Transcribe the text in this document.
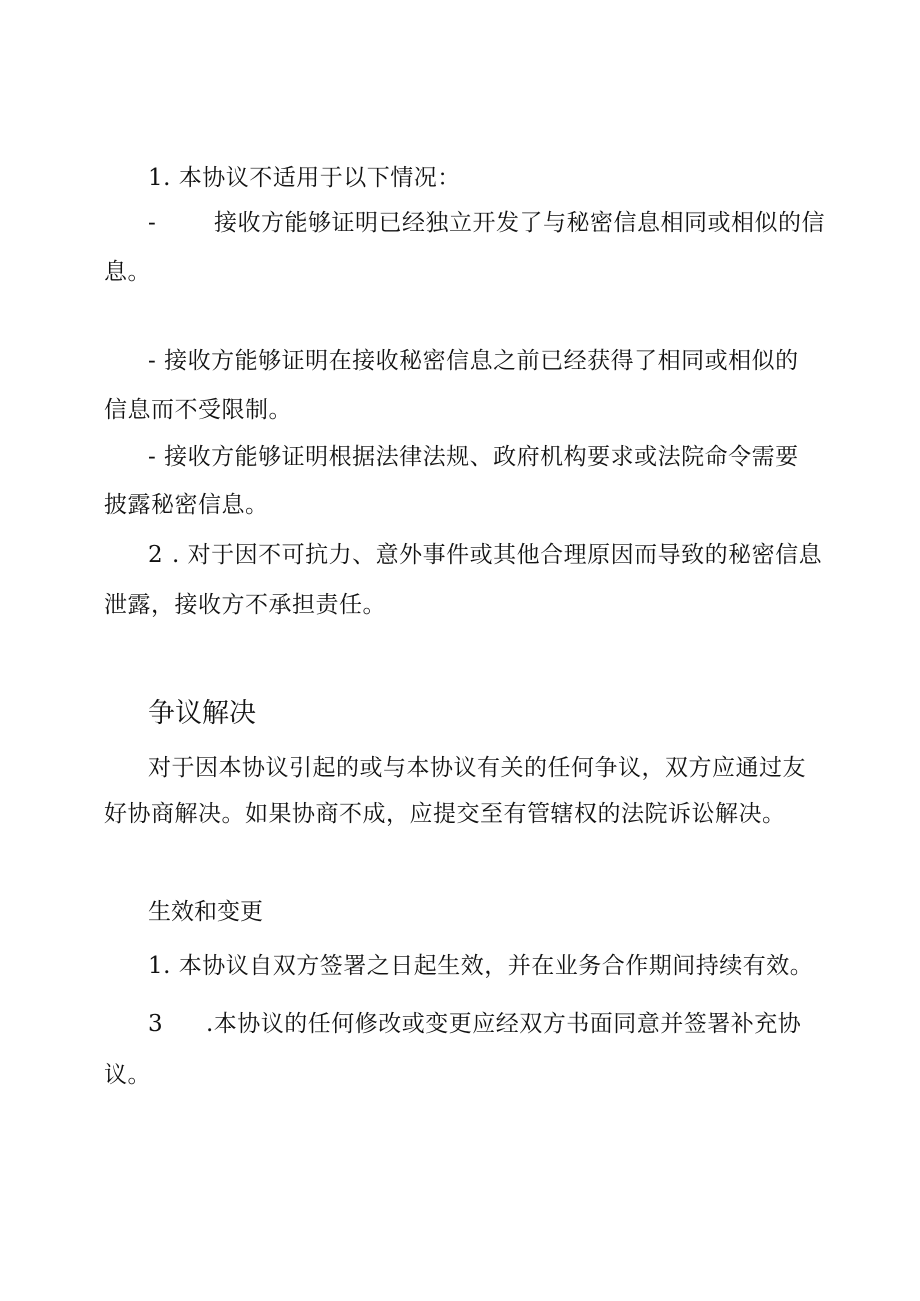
1. 本协议不适用于以下情况：
-	接收方能够证明已经独立开发了与秘密信息相同或相似的信
息。
- 接收方能够证明在接收秘密信息之前已经获得了相同或相似的
信息而不受限制。
- 接收方能够证明根据法律法规、政府机构要求或法院命令需要
披露秘密信息。
2 . 对于因不可抗力、意外事件或其他合理原因而导致的秘密信息
泄露，接收方不承担责任。
争议解决
对于因本协议引起的或与本协议有关的任何争议，双方应通过友
好协商解决。如果协商不成，应提交至有管辖权的法院诉讼解决。
生效和变更
1. 本协议自双方签署之日起生效，并在业务合作期间持续有效。
3 .本协议的任何修改或变更应经双方书面同意并签署补充协
议。
